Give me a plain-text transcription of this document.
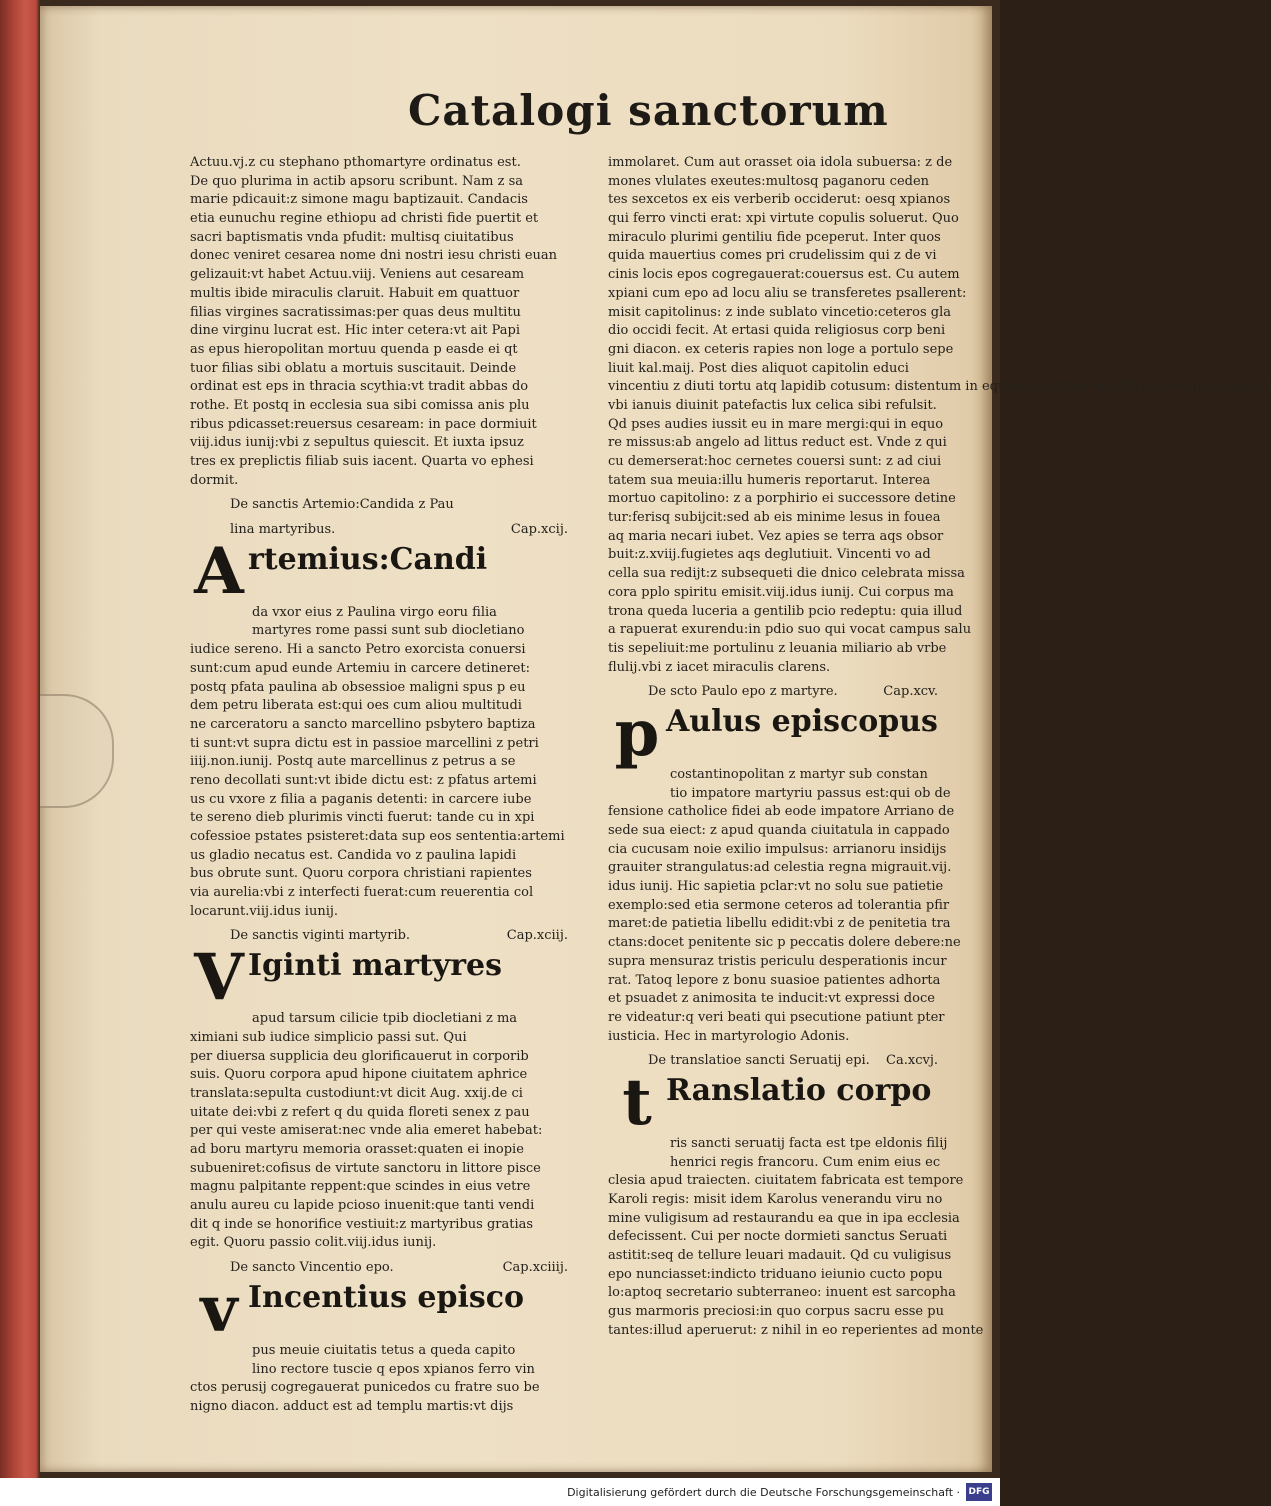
Catalogi sanctorum
Actuu.vj.z cu stephano pthomartyre ordinatus est.
De quo plurima in actib apsoru scribunt. Nam z sa
marie pdicauit:z simone magu baptizauit. Candacis
etia eunuchu regine ethiopu ad christi fide puertit et
sacri baptismatis vnda pfudit: multisq ciuitatibus
donec veniret cesarea nome dni nostri iesu christi euan
gelizauit:vt habet Actuu.viij. Veniens aut cesaream
multis ibide miraculis claruit. Habuit em quattuor
filias virgines sacratissimas:per quas deus multitu
dine virginu lucrat est. Hic inter cetera:vt ait Papi
as epus hieropolitan mortuu quenda p easde ei qt
tuor filias sibi oblatu a mortuis suscitauit. Deinde
ordinat est eps in thracia scythia:vt tradit abbas do
rothe. Et postq in ecclesia sua sibi comissa anis plu
ribus pdicasset:reuersus cesaream: in pace dormiuit
viij.idus iunij:vbi z sepultus quiescit. Et iuxta ipsuz
tres ex preplictis filiab suis iacent. Quarta vo ephesi
dormit.
De sanctis Artemio:Candida z Pau
lina martyribus.	Cap.xcij.
A rtemius:Candi
da vxor eius z Paulina virgo eoru filia
martyres rome passi sunt sub diocletiano
iudice sereno. Hi a sancto Petro exorcista conuersi
sunt:cum apud eunde Artemiu in carcere detineret:
postq pfata paulina ab obsessioe maligni spus p eu
dem petru liberata est:qui oes cum aliou multitudi
ne carceratoru a sancto marcellino psbytero baptiza
ti sunt:vt supra dictu est in passioe marcellini z petri
iiij.non.iunij. Postq aute marcellinus z petrus a se
reno decollati sunt:vt ibide dictu est: z pfatus artemi
us cu vxore z filia a paganis detenti: in carcere iube
te sereno dieb plurimis vincti fuerut: tande cu in xpi
cofessioe pstates psisteret:data sup eos sententia:artemi
us gladio necatus est. Candida vo z paulina lapidi
bus obrute sunt. Quoru corpora christiani rapientes
via aurelia:vbi z interfecti fuerat:cum reuerentia col
locarunt.viij.idus iunij.
De sanctis viginti martyrib.	Cap.xciij.
V Iginti martyres
apud tarsum cilicie tpib diocletiani z ma
ximiani sub iudice simplicio passi sut. Qui
per diuersa supplicia deu glorificauerut in corporib
suis. Quoru corpora apud hipone ciuitatem aphrice
translata:sepulta custodiunt:vt dicit Aug. xxij.de ci
uitate dei:vbi z refert q du quida floreti senex z pau
per qui veste amiserat:nec vnde alia emeret habebat:
ad boru martyru memoria orasset:quaten ei inopie
subueniret:cofisus de virtute sanctoru in littore pisce
magnu palpitante reppent:que scindes in eius vetre
anulu aureu cu lapide pcioso inuenit:que tanti vendi
dit q inde se honorifice vestiuit:z martyribus gratias
egit. Quoru passio colit.viij.idus iunij.
De sancto Vincentio epo.	Cap.xciiij.
v Incentius episco
pus meuie ciuitatis tetus a queda capito
lino rectore tuscie q epos xpianos ferro vin
ctos perusij cogregauerat punicedos cu fratre suo be
nigno diacon. adduct est ad templu martis:vt dijs
immolaret. Cum aut orasset oia idola subuersa: z de
mones vlulates exeutes:multosq paganoru ceden
tes sexcetos ex eis verberib occiderut: oesq xpianos
qui ferro vincti erat: xpi virtute copulis soluerut. Quo
miraculo plurimi gentiliu fide pceperut. Inter quos
quida mauertius comes pri crudelissim qui z de vi
cinis locis epos cogregauerat:couersus est. Cu autem
xpiani cum epo ad locu aliu se transferetes psallerent:
misit capitolinus: z inde sublato vincetio:ceteros gla
dio occidi fecit. At ertasi quida religiosus corp beni
gni diacon. ex ceteris rapies non loge a portulo sepe
liuit kal.maij. Post dies aliquot capitolin educi
vincentiu z diuti tortu atq lapidib cotusum: distentum in equuleo z flamis adustu carceri mancipauit:
vbi ianuis diuinit patefactis lux celica sibi refulsit.
Qd pses audies iussit eu in mare mergi:qui in equo
re missus:ab angelo ad littus reduct est. Vnde z qui
cu demerserat:hoc cernetes couersi sunt: z ad ciui
tatem sua meuia:illu humeris reportarut. Interea
mortuo capitolino: z a porphirio ei successore detine
tur:ferisq subijcit:sed ab eis minime lesus in fouea
aq maria necari iubet. Vez apies se terra aqs obsor
buit:z.xviij.fugietes aqs deglutiuit. Vincenti vo ad
cella sua redijt:z subsequeti die dnico celebrata missa
cora pplo spiritu emisit.viij.idus iunij. Cui corpus ma
trona queda luceria a gentilib pcio redeptu: quia illud
a rapuerat exurendu:in pdio suo qui vocat campus salu
tis sepeliuit:me portulinu z leuania miliario ab vrbe
flulij.vbi z iacet miraculis clarens.
De scto Paulo epo z martyre.	Cap.xcv.
p Aulus episcopus
costantinopolitan z martyr sub constan
tio impatore martyriu passus est:qui ob de
fensione catholice fidei ab eode impatore Arriano de
sede sua eiect: z apud quanda ciuitatula in cappado
cia cucusam noie exilio impulsus: arrianoru insidijs
grauiter strangulatus:ad celestia regna migrauit.vij.
idus iunij. Hic sapietia pclar:vt no solu sue patietie
exemplo:sed etia sermone ceteros ad tolerantia pfir
maret:de patietia libellu edidit:vbi z de penitetia tra
ctans:docet penitente sic p peccatis dolere debere:ne
supra mensuraz tristis periculu desperationis incur
rat. Tatoq lepore z bonu suasioe patientes adhorta
et psuadet z animosita te inducit:vt expressi doce
re videatur:q veri beati qui psecutione patiunt pter
iusticia. Hec in martyrologio Adonis.
De translatioe sancti Seruatij epi. Ca.xcvj.
t Ranslatio corpo
ris sancti seruatij facta est tpe eldonis filij
henrici regis francoru. Cum enim eius ec
clesia apud traiecten. ciuitatem fabricata est tempore
Karoli regis: misit idem Karolus venerandu viru no
mine vuligisum ad restaurandu ea que in ipa ecclesia
defecissent. Cui per nocte dormieti sanctus Seruati
astitit:seq de tellure leuari madauit. Qd cu vuligisus
epo nunciasset:indicto triduano ieiunio cucto popu
lo:aptoq secretario subterraneo: inuent est sarcopha
gus marmoris preciosi:in quo corpus sacru esse pu
tantes:illud aperuerut: z nihil in eo reperientes ad monte
Digitalisierung gefördert durch die Deutsche Forschungsgemeinschaft · DFG
